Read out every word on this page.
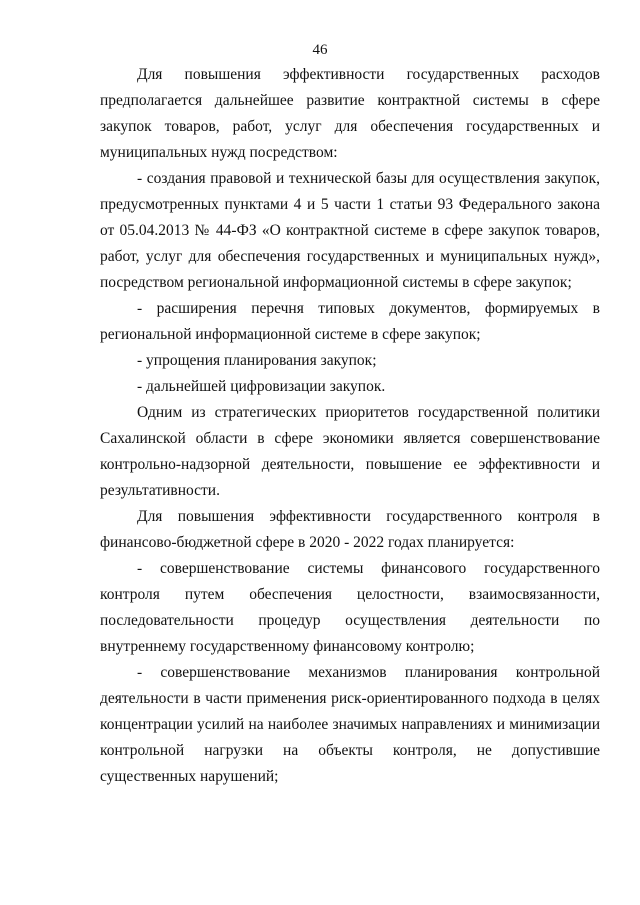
46

Для повышения эффективности государственных расходов предполагается дальнейшее развитие контрактной системы в сфере закупок товаров, работ, услуг для обеспечения государственных и муниципальных нужд посредством:

- создания правовой и технической базы для осуществления закупок, предусмотренных пунктами 4 и 5 части 1 статьи 93 Федерального закона от 05.04.2013 № 44-ФЗ «О контрактной системе в сфере закупок товаров, работ, услуг для обеспечения государственных и муниципальных нужд», посредством региональной информационной системы в сфере закупок;

- расширения перечня типовых документов, формируемых в региональной информационной системе в сфере закупок;

- упрощения планирования закупок;

- дальнейшей цифровизации закупок.

Одним из стратегических приоритетов государственной политики Сахалинской области в сфере экономики является совершенствование контрольно-надзорной деятельности, повышение ее эффективности и результативности.

Для повышения эффективности государственного контроля в финансово-бюджетной сфере в 2020 - 2022 годах планируется:

- совершенствование системы финансового государственного контроля путем обеспечения целостности, взаимосвязанности, последовательности процедур осуществления деятельности по внутреннему государственному финансовому контролю;

- совершенствование механизмов планирования контрольной деятельности в части применения риск-ориентированного подхода в целях концентрации усилий на наиболее значимых направлениях и минимизации контрольной нагрузки на объекты контроля, не допустившие существенных нарушений;
